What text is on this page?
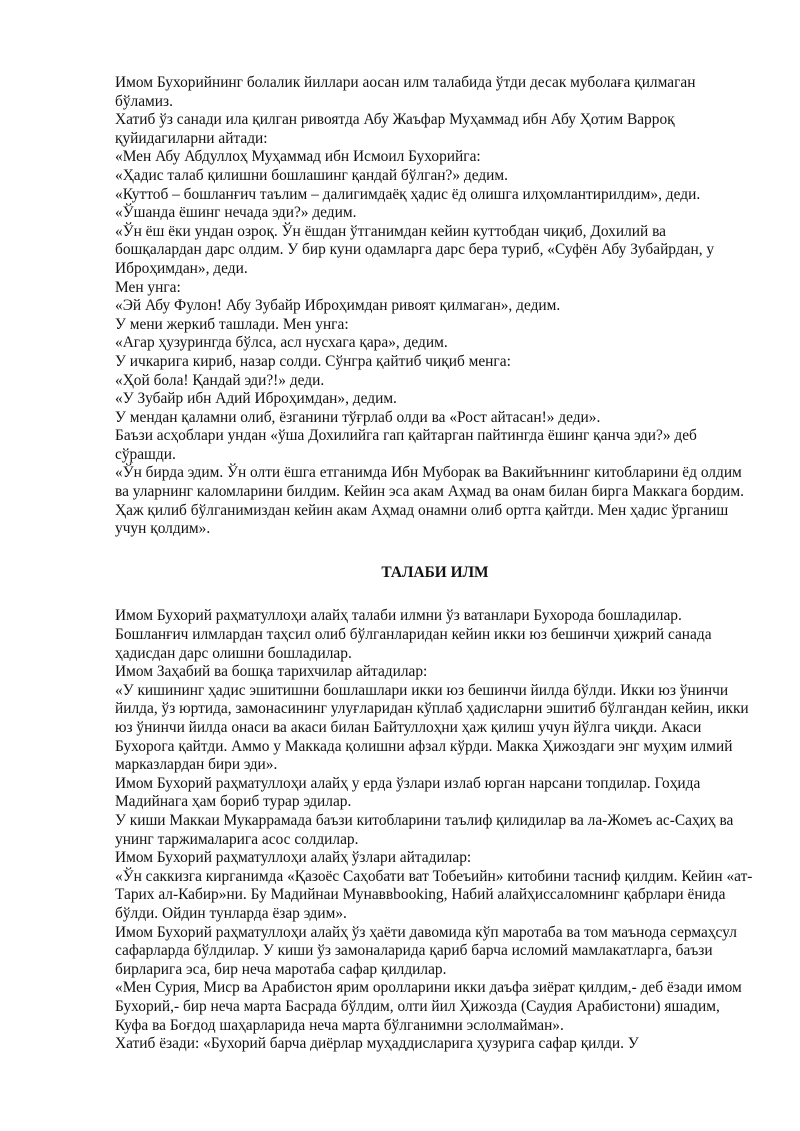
Имом Бухорийнинг болалик йиллари аосан илм талабида ўтди десак муболаға қилмаган бўламиз.

Хатиб ўз санади ила қилган ривоятда Абу Жаъфар Муҳаммад ибн Абу Ҳотим Варроқ қуйидагиларни айтади:

«Мен Абу Абдуллоҳ Муҳаммад ибн Исмоил Бухорийга:

«Ҳадис талаб қилишни бошлашинг қандай бўлган?» дедим.

«Куттоб – бошланғич таълим – далигимдаёқ ҳадис ёд олишга илҳомлантирилдим», деди.

«Ўшанда ёшинг нечада эди?» дедим.

«Ўн ёш ёки ундан озроқ. Ўн ёшдан ўтганимдан кейин куттобдан чиқиб, Дохилий ва бошқалардан дарс олдим. У бир куни одамларга дарс бера туриб, «Суфён Абу Зубайрдан, у Иброҳимдан», деди.

Мен унга:

«Эй Абу Фулон! Абу Зубайр Иброҳимдан ривоят қилмаган», дедим.

У мени жеркиб ташлади. Мен унга:

«Агар ҳузурингда бўлса, асл нусхага қара», дедим.

У ичкарига кириб, назар солди. Сўнгра қайтиб чиқиб менга:

«Ҳой бола! Қандай эди?!» деди.

«У Зубайр ибн Адий Иброҳимдан», дедим.

У мендан қаламни олиб, ёзганини тўғрлаб олди ва «Рост айтасан!» деди».

Баъзи асҳоблари ундан «ўша Дохилийга гап қайтарган пайтингда ёшинг қанча эди?» деб сўрашди.

«Ўн бирда эдим. Ўн олти ёшга етганимда Ибн Муборак ва Вакийъннинг китобларини ёд олдим ва уларнинг каломларини билдим. Кейин эса акам Аҳмад ва онам билан бирга Маккага бордим. Ҳаж қилиб бўлганимиздан кейин акам Аҳмад онамни олиб ортга қайтди. Мен ҳадис ўрганиш учун қолдим».

ТАЛАБИ ИЛМ

Имом Бухорий раҳматуллоҳи алайҳ талаби илмни ўз ватанлари Бухорода бошладилар. Бошланғич илмлардан таҳсил олиб бўлганларидан кейин икки юз бешинчи ҳижрий санада ҳадисдан дарс олишни бошладилар.

Имом Заҳабий ва бошқа тарихчилар айтадилар:

«У кишининг ҳадис эшитишни бошлашлари икки юз бешинчи йилда бўлди. Икки юз ўнинчи йилда, ўз юртида, замонасининг улуғларидан кўплаб ҳадисларни эшитиб бўлгандан кейин, икки юз ўнинчи йилда онаси ва акаси билан Байтуллоҳни ҳаж қилиш учун йўлга чиқди. Акаси Бухорога қайтди. Аммо у Маккада қолишни афзал кўрди. Макка Ҳижоздаги энг муҳим илмий марказлардан бири эди».

Имом Бухорий раҳматуллоҳи алайҳ у ерда ўзлари излаб юрган нарсани топдилар. Гоҳида Мадийнага ҳам бориб турар эдилар.

У киши Маккаи Мукаррамада баъзи китобларини таълиф қилидилар ва ла-Жомеъ ас-Саҳиҳ ва унинг таржималарига асос солдилар.

Имом Бухорий раҳматуллоҳи алайҳ ўзлари айтадилар:

«Ўн саккизга кирганимда «Қазоёс Саҳобати ват Тобеъийн» китобини тасниф қилдим. Кейин «ат-Тарих ал-Кабир»ни. Бу Мадийнаи Мунаввbooking, Набий алайҳиссаломнинг қабрлари ёнида бўлди. Ойдин тунларда ёзар эдим».

Имом Бухорий раҳматуллоҳи алайҳ ўз ҳаёти давомида кўп маротаба ва том маънода сермаҳсул сафарларда бўлдилар. У киши ўз замоналарида қариб барча исломий мамлакатларга, баъзи бирларига эса, бир неча маротаба сафар қилдилар.

«Мен Сурия, Миср ва Арабистон ярим оролларини икки даъфа зиёрат қилдим,- деб ёзади имом Бухорий,- бир неча марта Басрада бўлдим, олти йил Ҳижозда (Саудия Арабистони) яшадим, Куфа ва Боғдод шаҳарларида неча марта бўлганимни эслолмайман».

Хатиб ёзади: «Бухорий барча диёрлар муҳаддисларига ҳузурига сафар қилди. У
